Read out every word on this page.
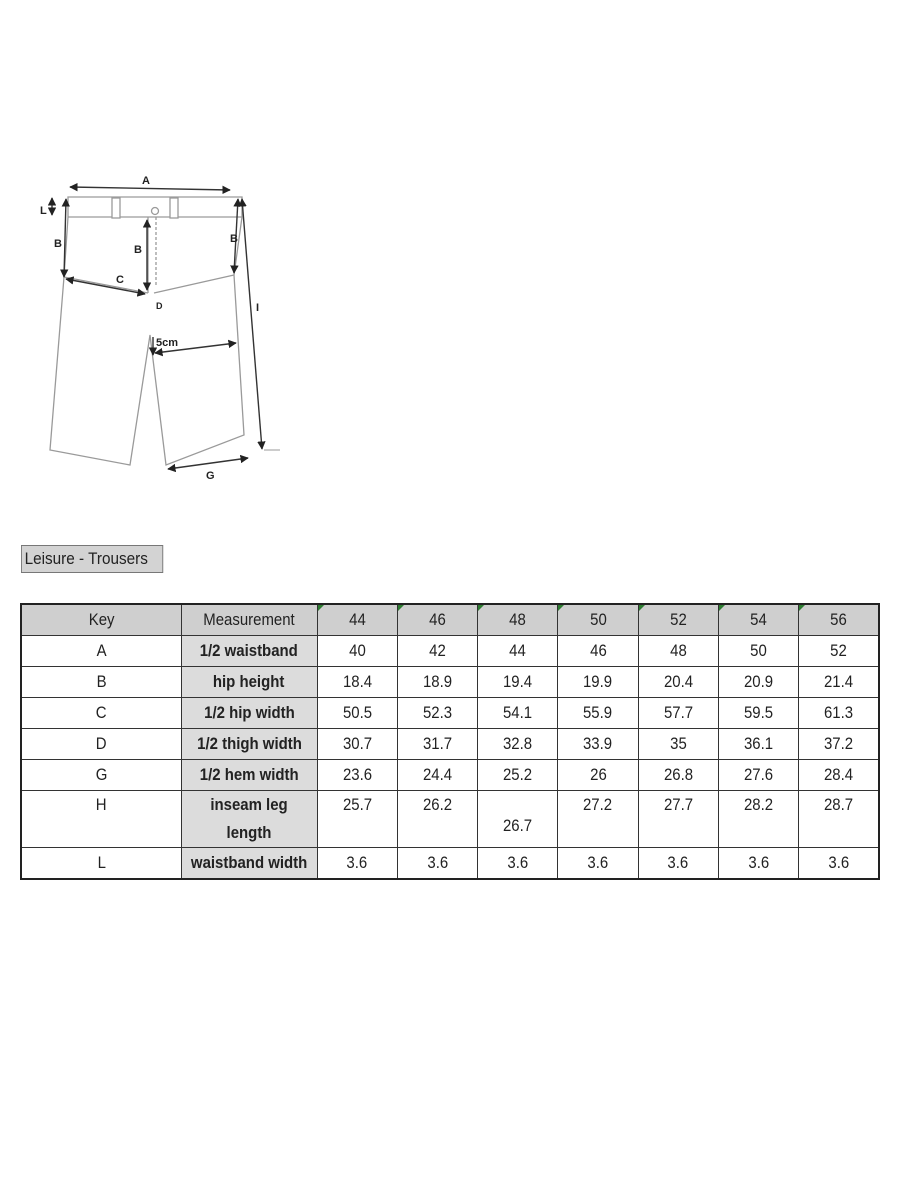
A
L
B	B
B
C
D	I
5cm
G
Leisure - Trousers
Key	Measurement	44	46	48	50	52	54	56
A	1/2 waistband	40	42	44	46	48	50	52
B	hip height	18.4	18.9	19.4	19.9	20.4	20.9	21.4
C	1/2 hip width	50.5	52.3	54.1	55.9	57.7	59.5	61.3
D	1/2 thigh width	30.7	31.7	32.8	33.9	35	36.1	37.2
G	1/2 hem width	23.6	24.4	25.2	26	26.8	27.6	28.4
H	inseam leg length	25.7	26.2	26.7	27.2	27.7	28.2	28.7
L	waistband width	3.6	3.6	3.6	3.6	3.6	3.6	3.6
